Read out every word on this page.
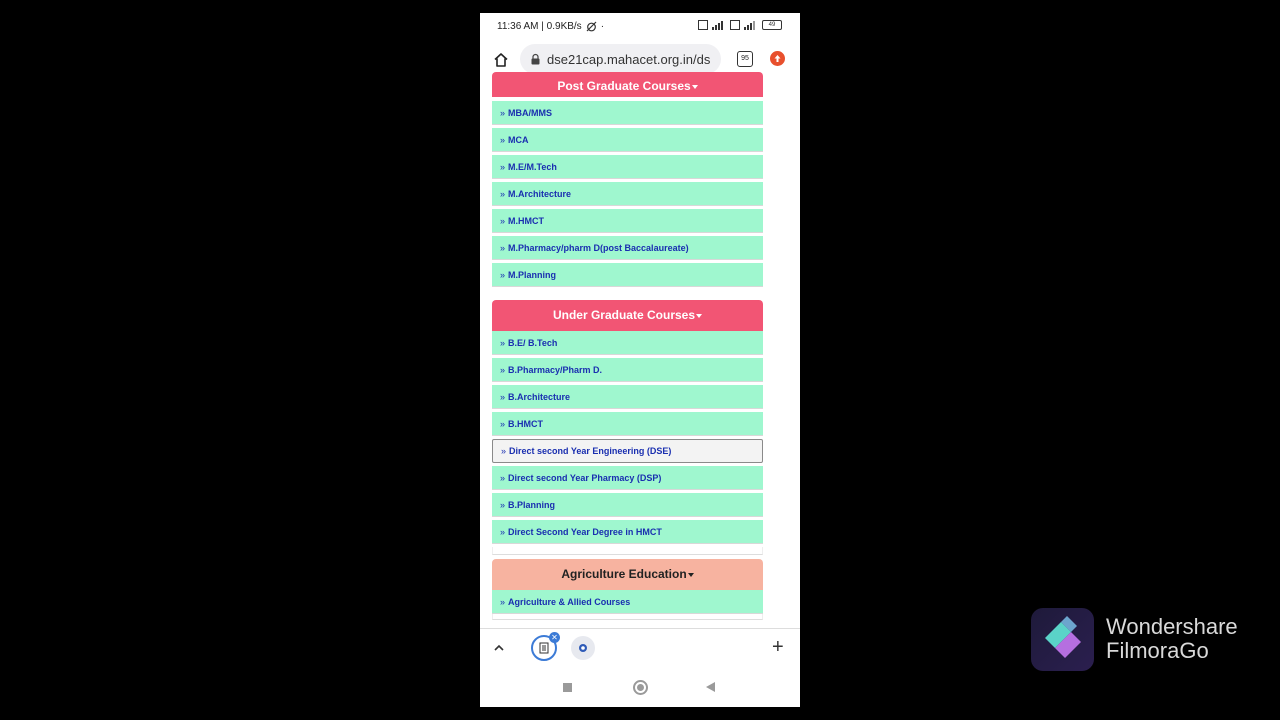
11:36 AM | 0.9KB/s ·	49
dse21cap.mahacet.org.in/ds	95
Post Graduate Courses
» MBA/MMS
» MCA
» M.E/M.Tech
» M.Architecture
» M.HMCT
» M.Pharmacy/pharm D(post Baccalaureate)
» M.Planning
Under Graduate Courses
» B.E/ B.Tech
» B.Pharmacy/Pharm D.
» B.Architecture
» B.HMCT
» Direct second Year Engineering (DSE)
» Direct second Year Pharmacy (DSP)
» B.Planning
» Direct Second Year Degree in HMCT
Agriculture Education
» Agriculture & Allied Courses
✕	+
Wondershare
FilmoraGo
